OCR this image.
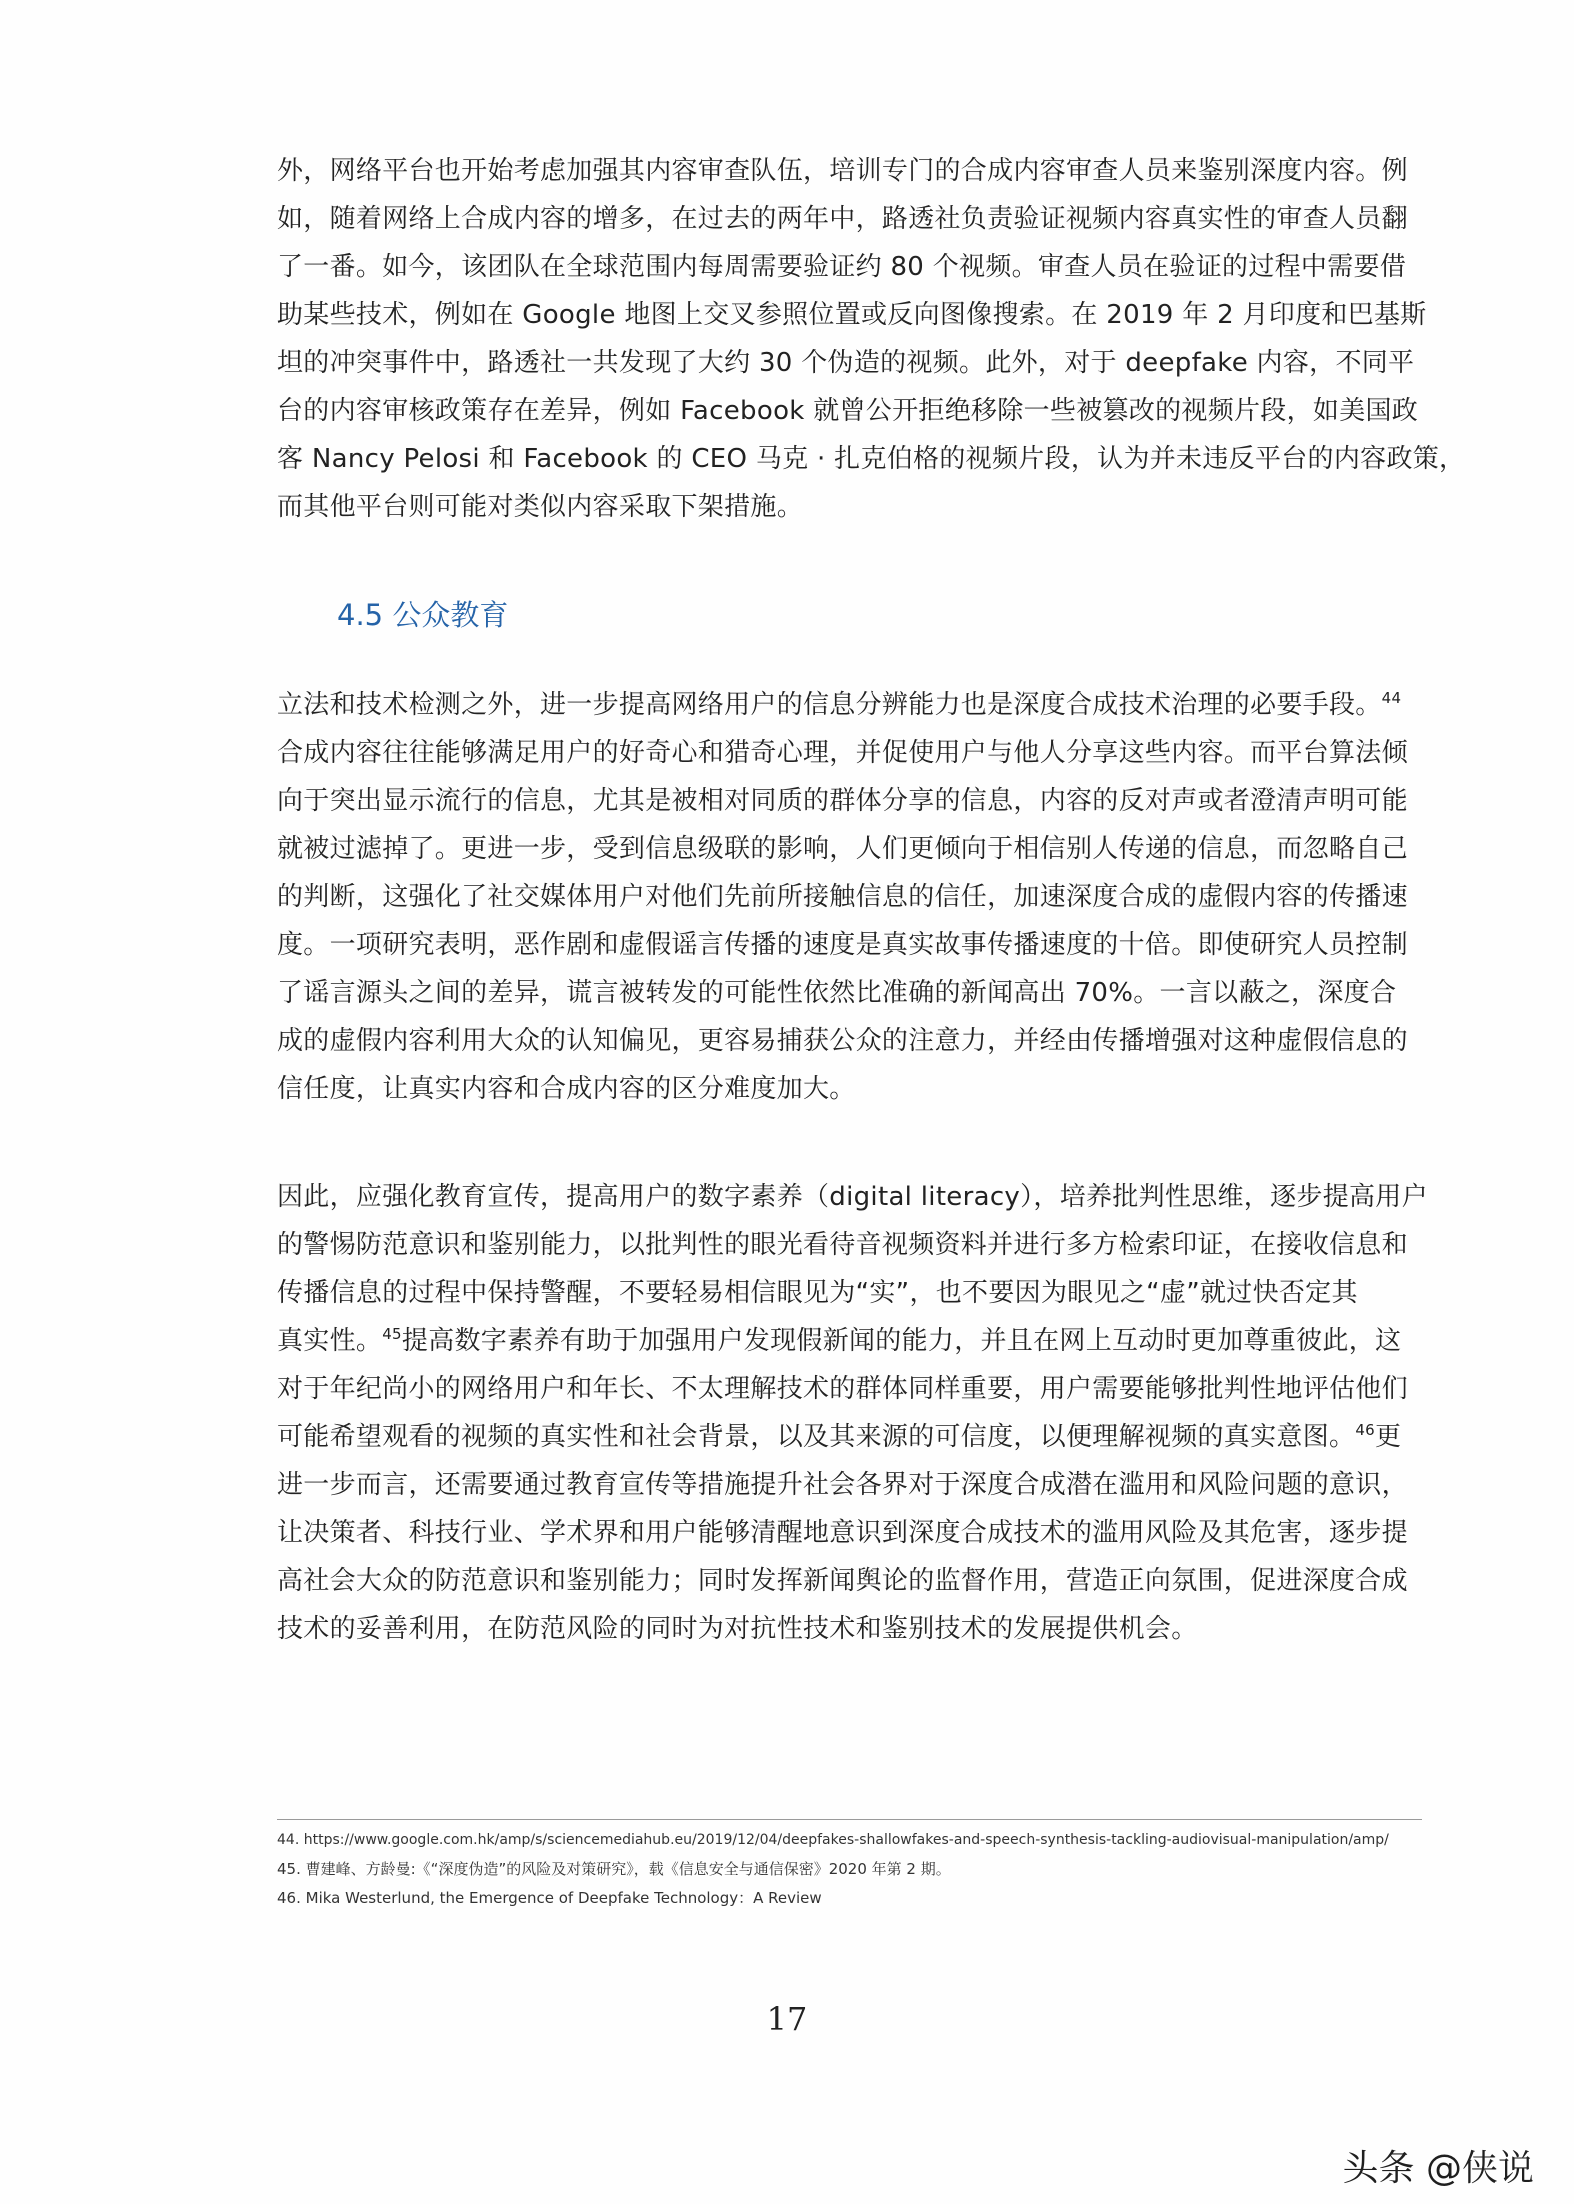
外，网络平台也开始考虑加强其内容审查队伍，培训专门的合成内容审查人员来鉴别深度内容。例
如，随着网络上合成内容的增多，在过去的两年中，路透社负责验证视频内容真实性的审查人员翻
了一番。如今，该团队在全球范围内每周需要验证约 80 个视频。审查人员在验证的过程中需要借
助某些技术，例如在 Google 地图上交叉参照位置或反向图像搜索。在 2019 年 2 月印度和巴基斯
坦的冲突事件中，路透社一共发现了大约 30 个伪造的视频。此外，对于 deepfake 内容，不同平
台的内容审核政策存在差异，例如 Facebook 就曾公开拒绝移除一些被篡改的视频片段，如美国政
客 Nancy Pelosi 和 Facebook 的 CEO 马克 · 扎克伯格的视频片段，认为并未违反平台的内容政策，
而其他平台则可能对类似内容采取下架措施。
4.5 公众教育
立法和技术检测之外，进一步提高网络用户的信息分辨能力也是深度合成技术治理的必要手段。$^{44}$
合成内容往往能够满足用户的好奇心和猎奇心理，并促使用户与他人分享这些内容。而平台算法倾
向于突出显示流行的信息，尤其是被相对同质的群体分享的信息，内容的反对声或者澄清声明可能
就被过滤掉了。更进一步，受到信息级联的影响，人们更倾向于相信别人传递的信息，而忽略自己
的判断，这强化了社交媒体用户对他们先前所接触信息的信任，加速深度合成的虚假内容的传播速
度。一项研究表明，恶作剧和虚假谣言传播的速度是真实故事传播速度的十倍。即使研究人员控制
了谣言源头之间的差异，谎言被转发的可能性依然比准确的新闻高出 70%。一言以蔽之，深度合
成的虚假内容利用大众的认知偏见，更容易捕获公众的注意力，并经由传播增强对这种虚假信息的
信任度，让真实内容和合成内容的区分难度加大。
因此，应强化教育宣传，提高用户的数字素养（digital literacy），培养批判性思维，逐步提高用户
的警惕防范意识和鉴别能力，以批判性的眼光看待音视频资料并进行多方检索印证，在接收信息和
传播信息的过程中保持警醒，不要轻易相信眼见为“实”，也不要因为眼见之“虚”就过快否定其
真实性。$^{45}$提高数字素养有助于加强用户发现假新闻的能力，并且在网上互动时更加尊重彼此，这
对于年纪尚小的网络用户和年长、不太理解技术的群体同样重要，用户需要能够批判性地评估他们
可能希望观看的视频的真实性和社会背景，以及其来源的可信度，以便理解视频的真实意图。$^{46}$更
进一步而言，还需要通过教育宣传等措施提升社会各界对于深度合成潜在滥用和风险问题的意识，
让决策者、科技行业、学术界和用户能够清醒地意识到深度合成技术的滥用风险及其危害，逐步提
高社会大众的防范意识和鉴别能力；同时发挥新闻舆论的监督作用，营造正向氛围，促进深度合成
技术的妥善利用，在防范风险的同时为对抗性技术和鉴别技术的发展提供机会。
44. https://www.google.com.hk/amp/s/sciencemediahub.eu/2019/12/04/deepfakes-shallowfakes-and-speech-synthesis-tackling-audiovisual-manipulation/amp/
45. 曹建峰、方龄曼:《“深度伪造”的风险及对策研究》，载《信息安全与通信保密》2020 年第 2 期。
46. Mika Westerlund, the Emergence of Deepfake Technology：A Review
17
头条 @侠说
